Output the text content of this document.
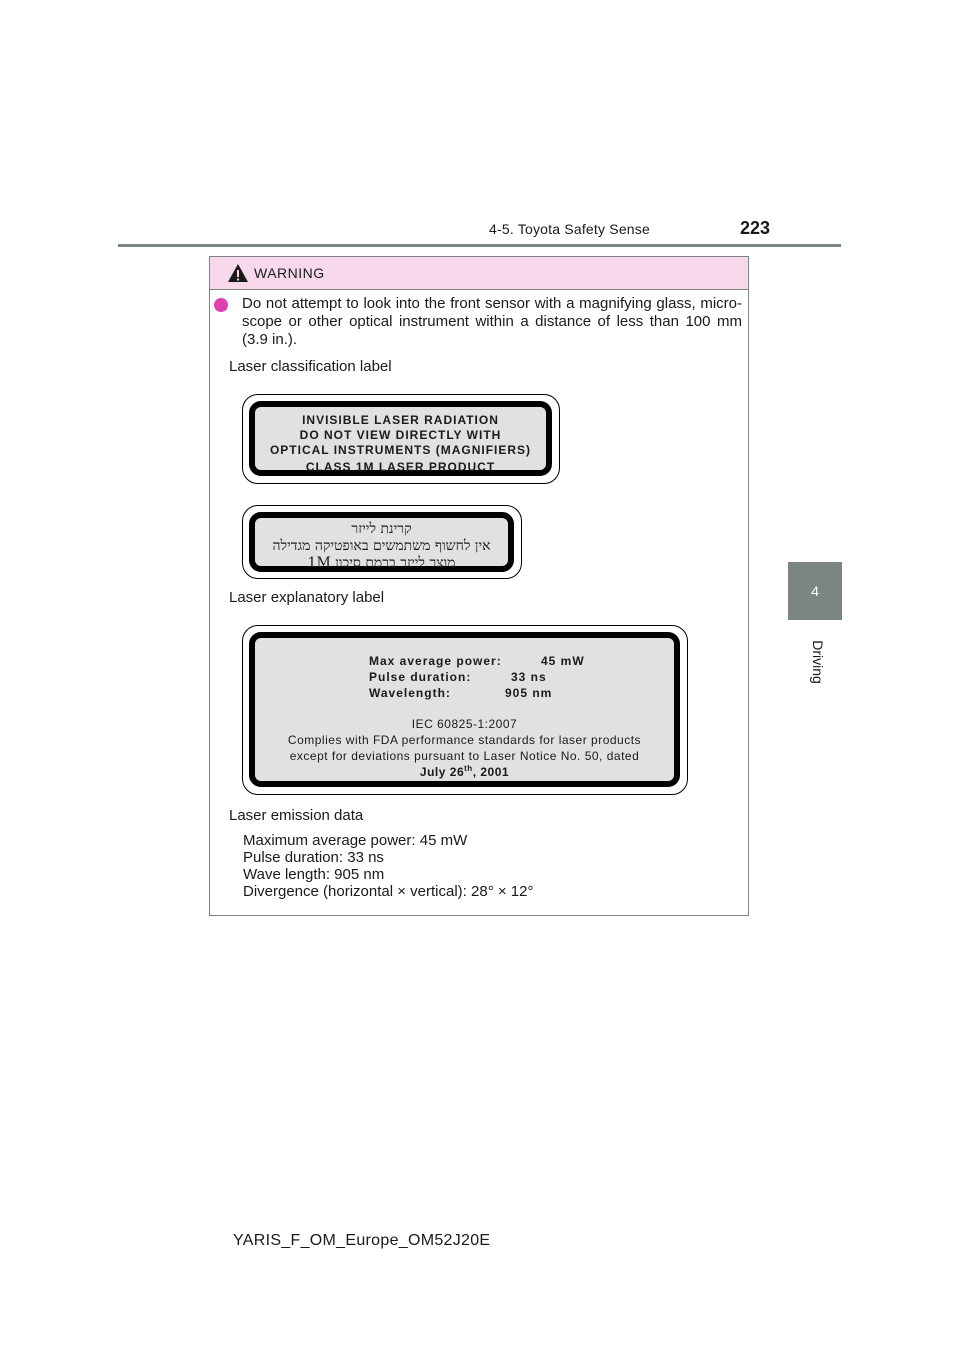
4-5. Toyota Safety Sense	223
4
Driving
WARNING
Do not attempt to look into the front sensor with a magnifying glass, micro- scope or other optical instrument within a distance of less than 100 mm (3.9 in.).
Laser classification label
INVISIBLE LASER RADIATION
DO NOT VIEW DIRECTLY WITH
OPTICAL INSTRUMENTS (MAGNIFIERS)
CLASS 1M LASER PRODUCT
קרינת לייזר
אין לחשוף משתמשים באופטיקה מגדילה
מוצר לייזר ברמת סיכון 1M
Laser explanatory label
Max average power:	45 mW
Pulse duration:	33 ns
Wavelength:	905 nm
IEC 60825-1:2007
Complies with FDA performance standards for laser products
except for deviations pursuant to Laser Notice No. 50, dated
July 26th, 2001
Laser emission data
Maximum average power: 45 mW
Pulse duration: 33 ns
Wave length: 905 nm
Divergence (horizontal × vertical): 28° × 12°
YARIS_F_OM_Europe_OM52J20E
